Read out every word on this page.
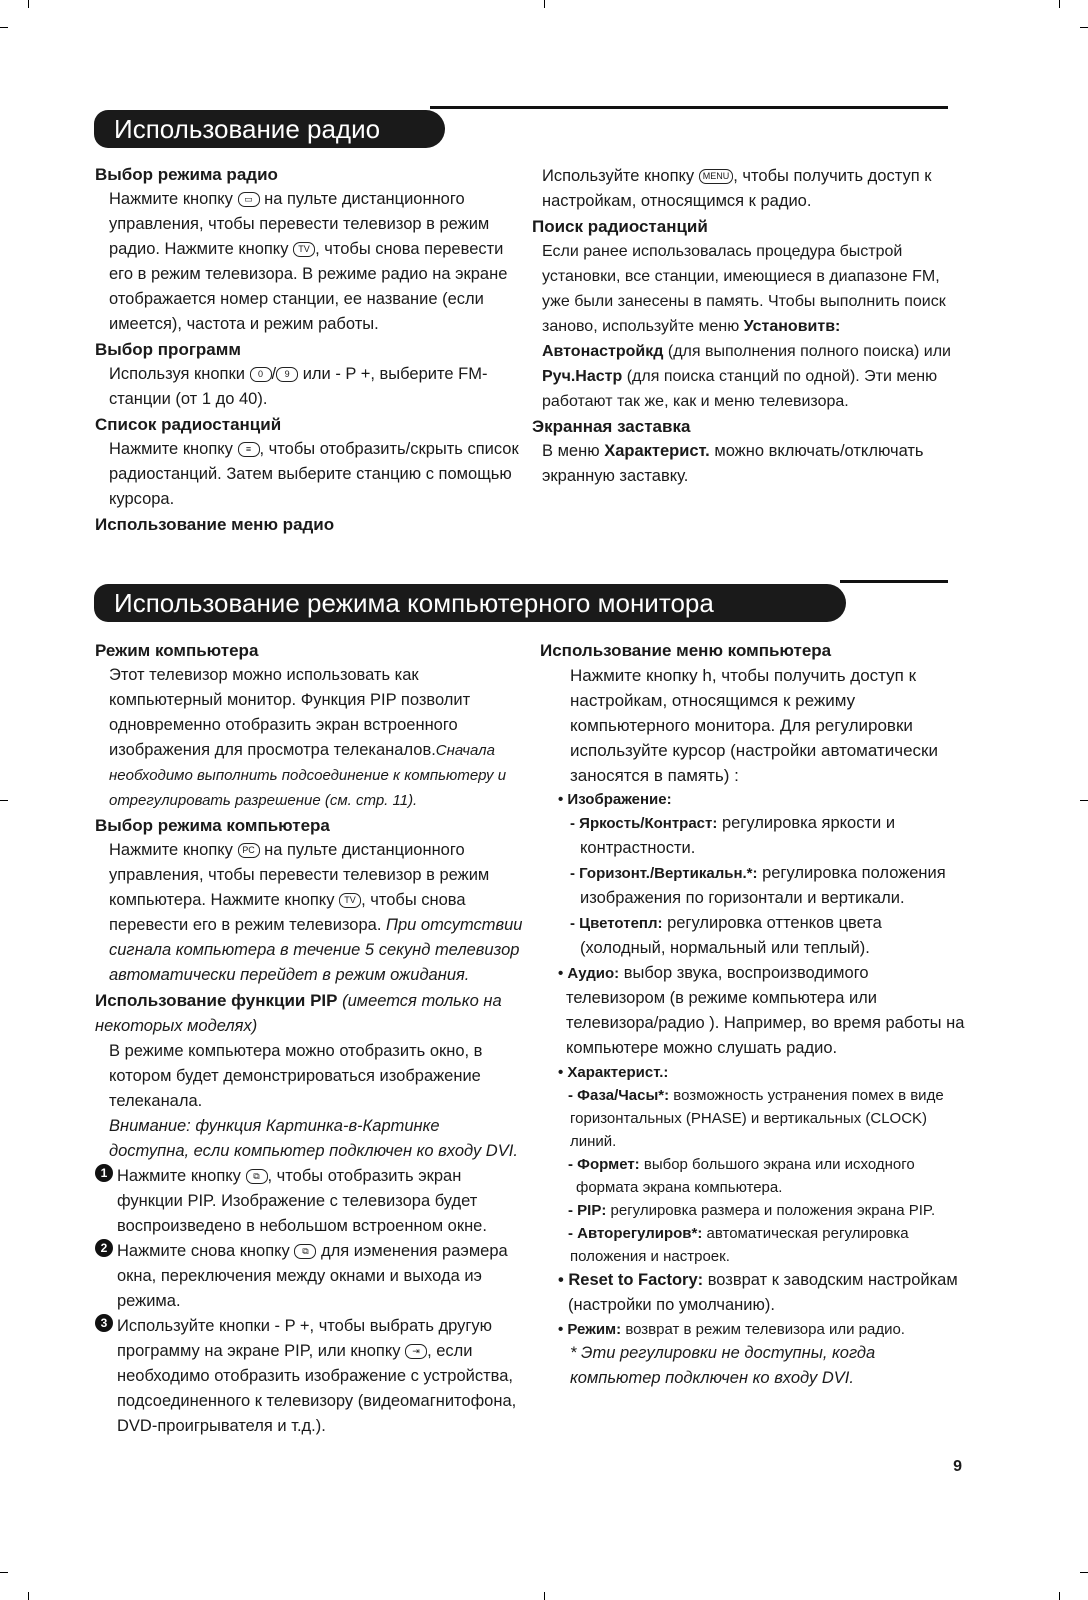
Использование радио

Выбор режима радио

Нажмите кнопку ▭ на пульте дистанционного управления, чтобы перевести телевизор в режим радио. Нажмите кнопку TV , чтобы снова перевести его в режим телевизора. В режиме радио на экране отображается номер станции, ее название (если имеется), частота и режим работы.

Выбор программ

Используя кнопки 0 / 9 или - P +, выберите FM-станции (от 1 до 40).

Список радиостанций

Нажмите кнопку ≡ , чтобы отобразить/скрыть список радиостанций. Затем выберите станцию с помощью курсора.

Использование меню радио

Используйте кнопку MENU , чтобы получить доступ к настройкам, относящимся к радио.

Поиск радиостанций

Если ранее использовалась процедура быстрой установки, все станции, имеющиеся в диапазоне FM, уже были занесены в память. Чтобы выполнить поиск заново, используйте меню Установитв: Автонастройкд (для выполнения полного поиска) или Руч.Настр (для поиска станций по одной). Эти меню работают так же, как и меню телевизора.

Экранная заставка

В меню Характерист. можно включать/отключать экранную заставку.

Использование режима компьютерного монитора

Режим компьютера

Этот телевизор можно использовать как компьютерный монитор. Функция PIP позволит одновременно отобразить экран встроенного изображения для просмотра телеканалов.Сначала необходимо выполнить подсоединение к компьютеру и отрегулировать разрешение (см. стр. 11).

Выбор режима компьютера

Нажмите кнопку PC на пульте дистанционного управления, чтобы перевести телевизор в режим компьютера. Нажмите кнопку TV , чтобы снова перевести его в режим телевизора. При отсутствии сигнала компьютера в течение 5 секунд телевизор автоматически перейдет в режим ожидания.

Использование функции PIP (имеется только на некоторых моделях)

В режиме компьютера можно отобразить окно, в котором будет демонстрироваться изображение телеканала.

Внимание: функция Картинка-в-Картинке доступна, если компьютер подключен ко входу DVI.

1 Нажмите кнопку ⧉ , чтобы отобразить экран функции PIP. Изображение с телевизора будет воспроизведено в небольшом встроенном окне.
2 Нажмите снова кнопку ⧉ для иэменения раэмера окна, переключения между окнами и выхода иэ режима.
3 Используйте кнопки - P +, чтобы выбрать другую программу на экране PIP, или кнопку ⇥ , если необходимо отобразить изображение с устройства, подсоединенного к телевизору (видеомагнитофона, DVD-проигрывателя и т.д.).

Использование меню компьютера

Нажмите кнопку h, чтобы получить доступ к настройкам, относящимся к режиму компьютерного монитора. Для регулировки используйте курсор (настройки автоматически заносятся в память) :

• Изображение:

- Яркость/Контраст: регулировка яркости и контрастности.

- Горизонт./Вертикальн.*: регулировка положения изображения по горизонтали и вертикали.

- Цветотепл: регулировка оттенков цвета (холодный, нормальный или теплый).

• Аудио: выбор звука, воспроизводимого телевизором (в режиме компьютера или телевизора/радио ). Например, во время работы на компьютере можно слушать радио.

• Характерист.:

- Фаза/Часы*: возможность устранения помех в виде горизонтальных (PHASE) и вертикальных (CLOCK) линий.

- Формет: выбор большого экрана или исходного формата экрана компьютера.

- PIP: регулировка размера и положения экрана PIP.

- Авторегулиров*: автоматическая регулировка положения и настроек.

• Reset to Factory: возврат к заводским настройкам (настройки по умолчанию).

• Режим: возврат в режим телевизора или радио.

* Эти регулировки не доступны, когда компьютер подключен ко входу DVI.

9
